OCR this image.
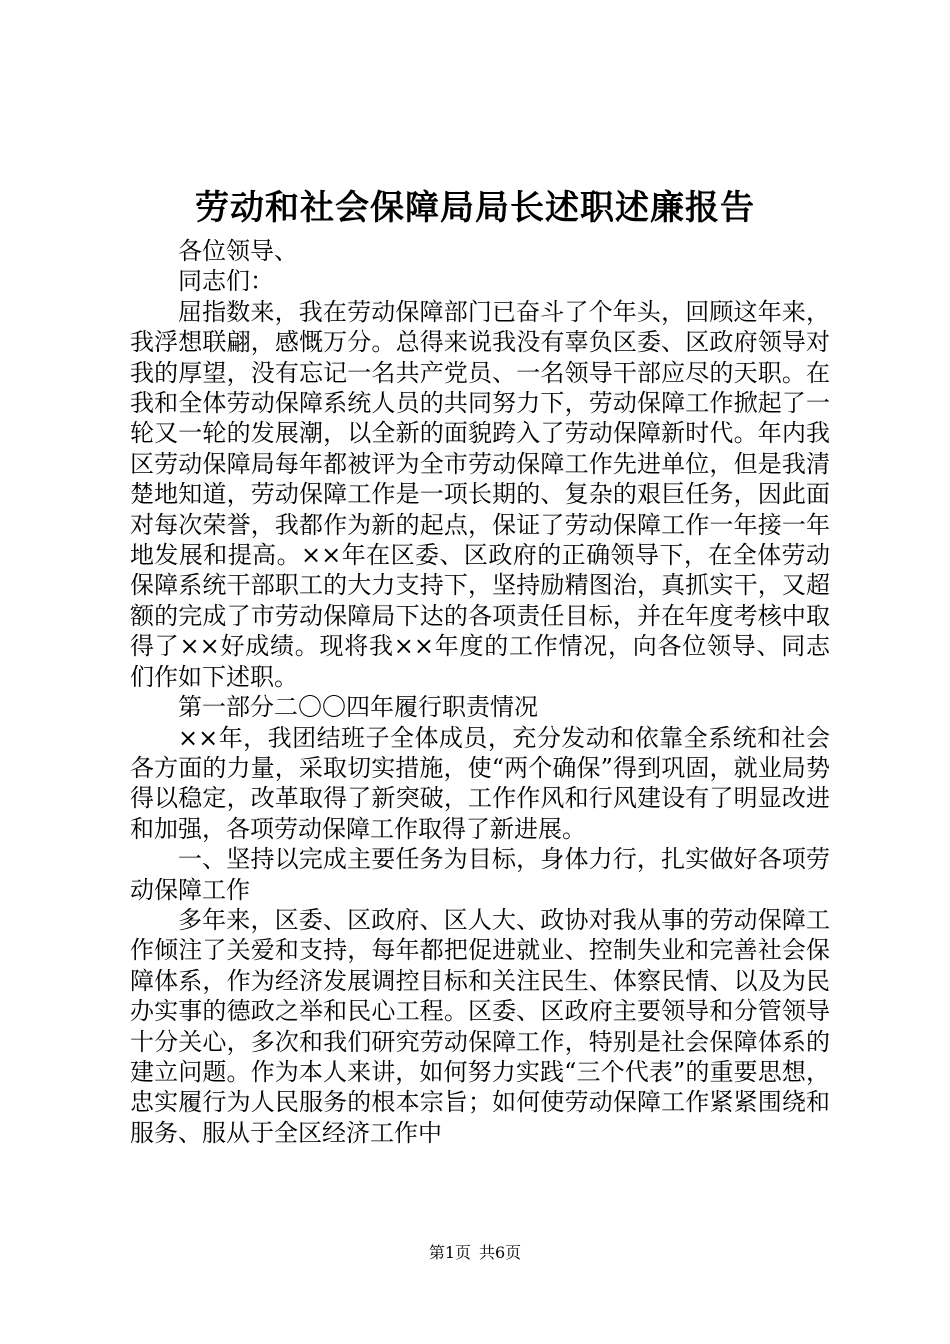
劳动和社会保障局局长述职述廉报告

各位领导、

同志们：

屈指数来，我在劳动保障部门已奋斗了个年头，回顾这年来，我浮想联翩，感慨万分。总得来说我没有辜负区委、区政府领导对我的厚望，没有忘记一名共产党员、一名领导干部应尽的天职。在我和全体劳动保障系统人员的共同努力下，劳动保障工作掀起了一轮又一轮的发展潮，以全新的面貌跨入了劳动保障新时代。年内我区劳动保障局每年都被评为全市劳动保障工作先进单位，但是我清楚地知道，劳动保障工作是一项长期的、复杂的艰巨任务，因此面对每次荣誉，我都作为新的起点，保证了劳动保障工作一年接一年地发展和提高。××年在区委、区政府的正确领导下，在全体劳动保障系统干部职工的大力支持下，坚持励精图治，真抓实干，又超额的完成了市劳动保障局下达的各项责任目标，并在年度考核中取得了××好成绩。现将我××年度的工作情况，向各位领导、同志们作如下述职。

第一部分二〇〇四年履行职责情况

××年，我团结班子全体成员，充分发动和依靠全系统和社会各方面的力量，采取切实措施，使“两个确保”得到巩固，就业局势得以稳定，改革取得了新突破，工作作风和行风建设有了明显改进和加强，各项劳动保障工作取得了新进展。

一、坚持以完成主要任务为目标，身体力行，扎实做好各项劳动保障工作

多年来，区委、区政府、区人大、政协对我从事的劳动保障工作倾注了关爱和支持，每年都把促进就业、控制失业和完善社会保障体系，作为经济发展调控目标和关注民生、体察民情、以及为民办实事的德政之举和民心工程。区委、区政府主要领导和分管领导十分关心，多次和我们研究劳动保障工作，特别是社会保障体系的建立问题。作为本人来讲，如何努力实践“三个代表”的重要思想，忠实履行为人民服务的根本宗旨；如何使劳动保障工作紧紧围绕和服务、服从于全区经济工作中

第1页 共6页
